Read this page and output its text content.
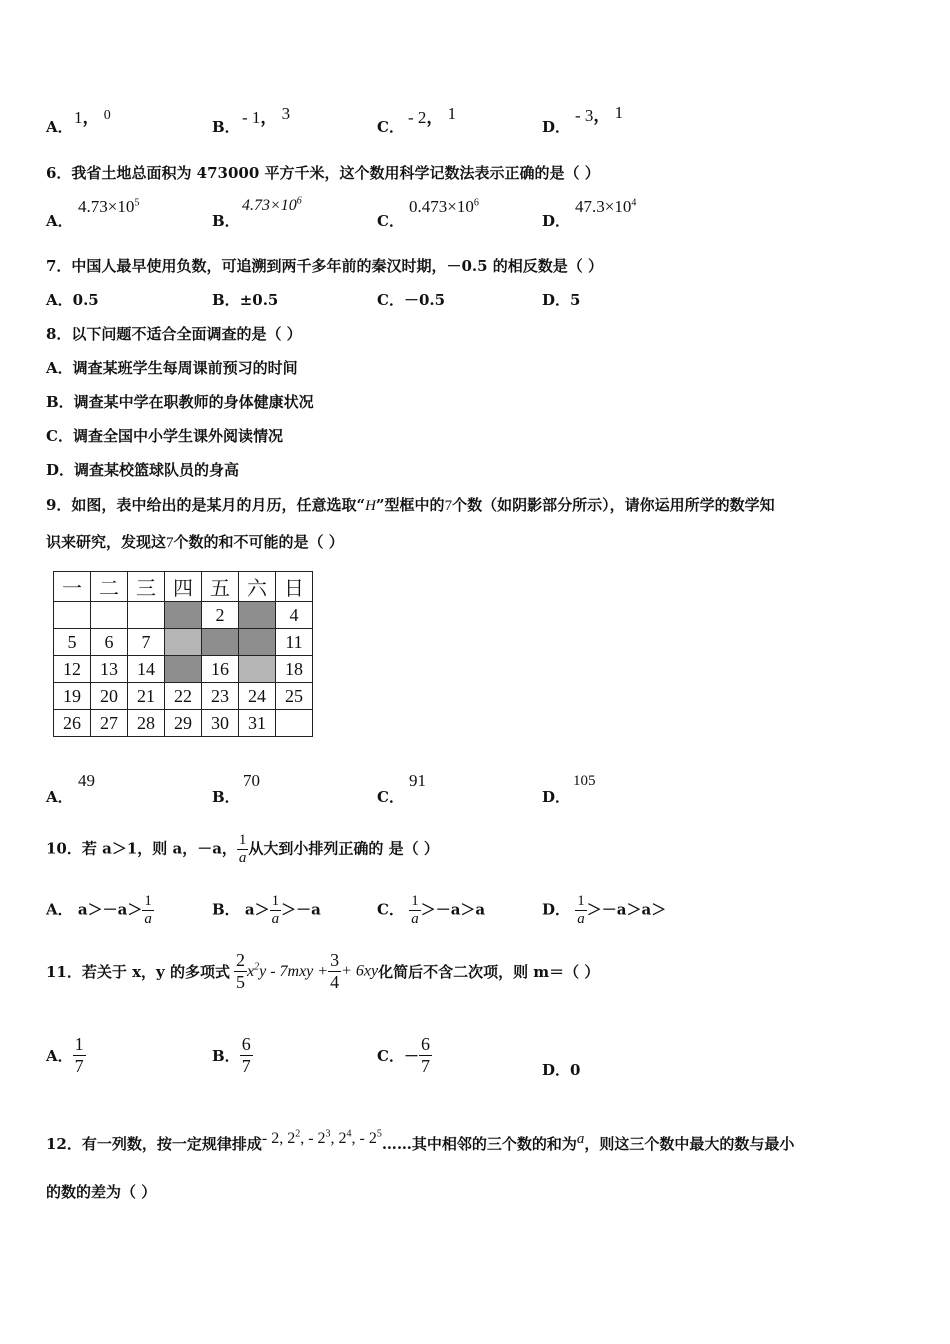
A． 1， $^0$
B． - 1， 3
C． - 2， 1
D．
- 3， 1
6．我省土地总面积为 473000 平方千米，这个数用科学记数法表示正确的是（ ）
A．
$4.73\times 10^5$
B．
$4.73\times 10^6$
C．
$0.473\times 10^6$
D．
$47.3\times 10^4$
7．中国人最早使用负数，可追溯到两千多年前的秦汉时期，－0.5 的相反数是（ ）
A．0.5	B．±0.5	C．－0.5	D．5
8．以下问题不适合全面调查的是（ ）
A．调查某班学生每周课前预习的时间
B．调查某中学在职教师的身体健康状况
C．调查全国中小学生课外阅读情况
D．调查某校篮球队员的身高
9．如图，表中给出的是某月的月历，任意选取“H”型框中的7个数（如阴影部分所示），请你运用所学的数学知
识来研究，发现这7个数的和不可能的是（ ）
一	二	三	四	五	六	日
				2		4
5	6	7				11
12	13	14		16		18
19	20	21	22	23	24	25
26	27	28	29	30	31	
A．
49
B．
70
C．
91
D．
105
10．若 a＞1，则 a，－a， $\frac{1}{a}$ 从大到小排列正确的 是（ ）
A． $a>-a> \frac{1}{a}$	B． $a> \frac{1}{a} >-a$	C． $\frac{1}{a} >-a>a$	D． $\frac{1}{a} >-a>a>$
11．若关于 x，y 的多项式 $\frac{2}{5} x^2y - 7mxy + \frac{3}{4} + 6xy$化简后不含二次项，则 m＝（ ）
A． $\frac{1}{7}$	B． $\frac{6}{7}$	C．－ $\frac{6}{7}$	D．0
12．有一列数，按一定规律排成- 2, $2^2$, - $2^3$, $2^4$, - $2^5\dots\dots$其中相邻的三个数的和为a，则这三个数中最大的数与最小
的数的差为（ ）
